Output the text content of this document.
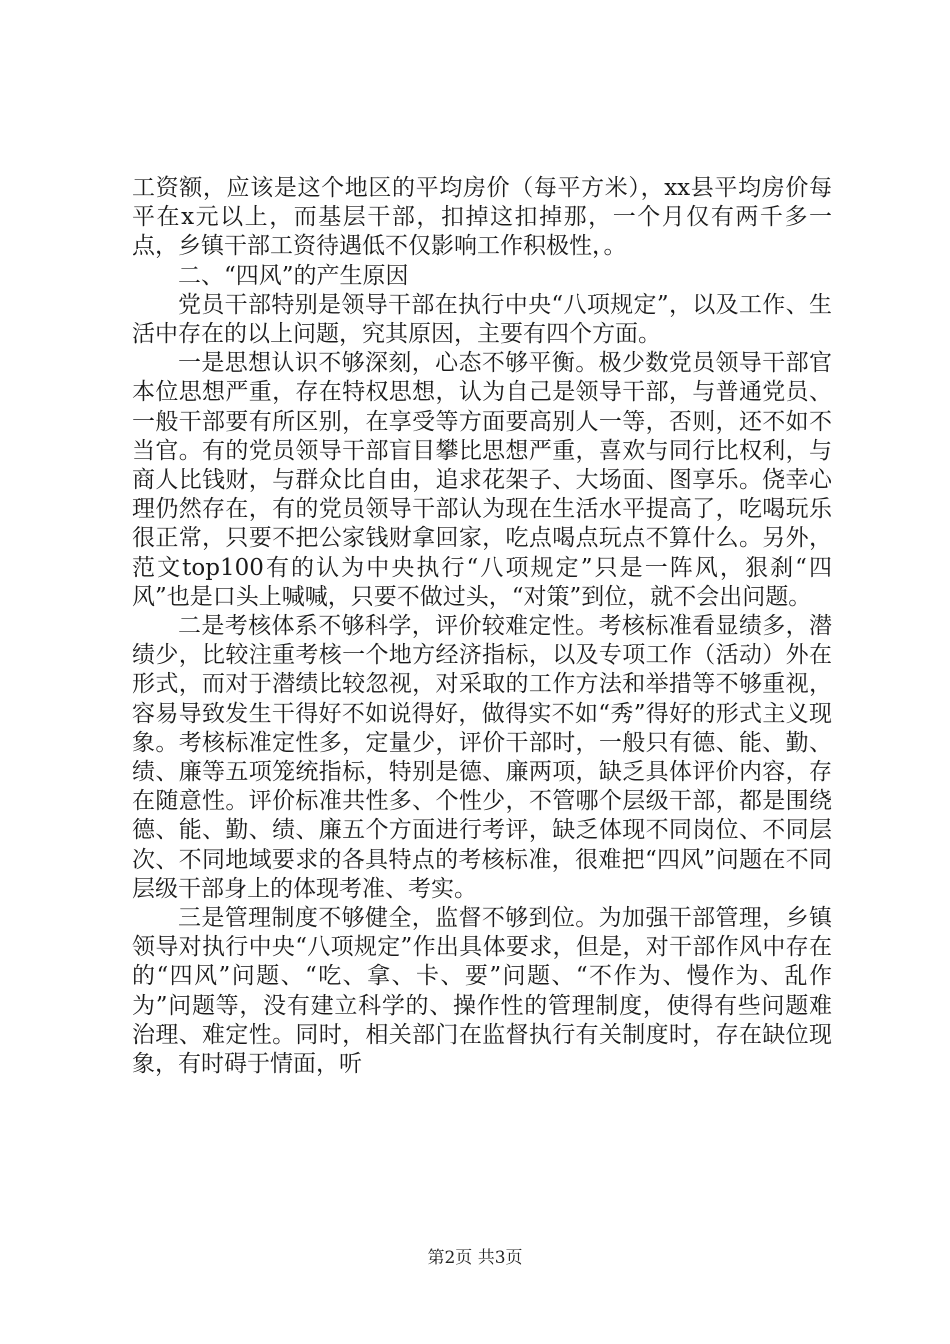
工资额，应该是这个地区的平均房价（每平方米），xx县平均房价每平在x元以上，而基层干部，扣掉这扣掉那，一个月仅有两千多一点，乡镇干部工资待遇低不仅影响工作积极性，。

二、“四风”的产生原因

党员干部特别是领导干部在执行中央“八项规定”，以及工作、生活中存在的以上问题，究其原因，主要有四个方面。

一是思想认识不够深刻，心态不够平衡。极少数党员领导干部官本位思想严重，存在特权思想，认为自己是领导干部，与普通党员、一般干部要有所区别，在享受等方面要高别人一等，否则，还不如不当官。有的党员领导干部盲目攀比思想严重，喜欢与同行比权利，与商人比钱财，与群众比自由，追求花架子、大场面、图享乐。侥幸心理仍然存在，有的党员领导干部认为现在生活水平提高了，吃喝玩乐很正常，只要不把公家钱财拿回家，吃点喝点玩点不算什么。另外，范文top100有的认为中央执行“八项规定”只是一阵风，狠刹“四风”也是口头上喊喊，只要不做过头，“对策”到位，就不会出问题。

二是考核体系不够科学，评价较难定性。考核标准看显绩多，潜绩少，比较注重考核一个地方经济指标，以及专项工作（活动）外在形式，而对于潜绩比较忽视，对采取的工作方法和举措等不够重视，容易导致发生干得好不如说得好，做得实不如“秀”得好的形式主义现象。考核标准定性多，定量少，评价干部时，一般只有德、能、勤、绩、廉等五项笼统指标，特别是德、廉两项，缺乏具体评价内容，存在随意性。评价标准共性多、个性少，不管哪个层级干部，都是围绕德、能、勤、绩、廉五个方面进行考评，缺乏体现不同岗位、不同层次、不同地域要求的各具特点的考核标准，很难把“四风”问题在不同层级干部身上的体现考准、考实。

三是管理制度不够健全，监督不够到位。为加强干部管理，乡镇领导对执行中央“八项规定”作出具体要求，但是，对干部作风中存在的“四风”问题、“吃、拿、卡、要”问题、“不作为、慢作为、乱作为”问题等，没有建立科学的、操作性的管理制度，使得有些问题难治理、难定性。同时，相关部门在监督执行有关制度时，存在缺位现象，有时碍于情面，听

第2页 共3页
